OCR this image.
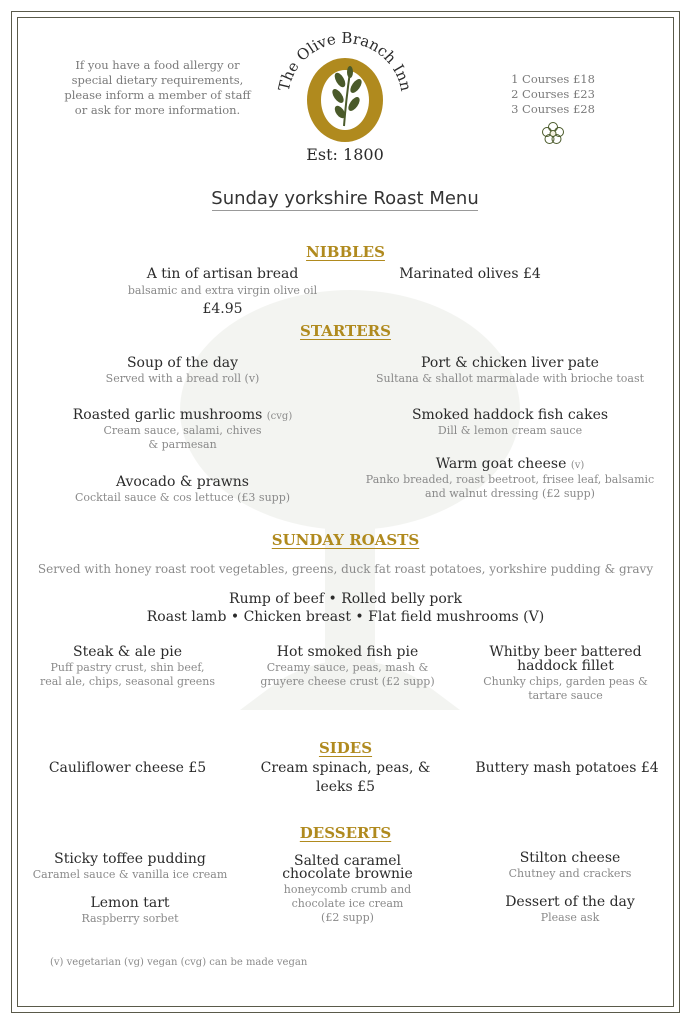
If you have a food allergy or special dietary requirements, please inform a member of staff or ask for more information.
The Olive Branch Inn
Est: 1800
1 Courses £18
2 Courses £23
3 Courses £28
Sunday yorkshire Roast Menu
NIBBLES
A tin of artisan bread
balsamic and extra virgin olive oil
£4.95
Marinated olives £4
STARTERS
Soup of the day
Served with a bread roll (v)
Port & chicken liver pate
Sultana & shallot marmalade with brioche toast
Roasted garlic mushrooms (cvg)
Cream sauce, salami, chives
& parmesan
Smoked haddock fish cakes
Dill & lemon cream sauce
Warm goat cheese (v)
Panko breaded, roast beetroot, frisee leaf, balsamic
and walnut dressing (£2 supp)
Avocado & prawns
Cocktail sauce & cos lettuce (£3 supp)
SUNDAY ROASTS
Served with honey roast root vegetables, greens, duck fat roast potatoes, yorkshire pudding & gravy
Rump of beef • Rolled belly pork
Roast lamb • Chicken breast • Flat field mushrooms (V)
Steak & ale pie
Puff pastry crust, shin beef,
real ale, chips, seasonal greens
Hot smoked fish pie
Creamy sauce, peas, mash &
gruyere cheese crust (£2 supp)
Whitby beer battered
haddock fillet
Chunky chips, garden peas &
tartare sauce
SIDES
Cauliflower cheese £5	Cream spinach, peas, &
leeks £5
Buttery mash potatoes £4
DESSERTS
Sticky toffee pudding
Caramel sauce & vanilla ice cream
Salted caramel
chocolate brownie
honeycomb crumb and
chocolate ice cream
(£2 supp)
Stilton cheese
Chutney and crackers
Lemon tart
Raspberry sorbet
Dessert of the day
Please ask
(v) vegetarian (vg) vegan (cvg) can be made vegan
